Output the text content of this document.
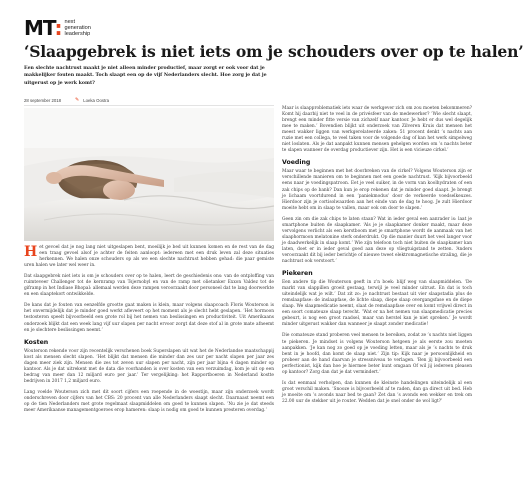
MT: next
generation
leadership
‘Slaapgebrek is niet iets om je schouders over op te halen’

Een slechte nachtrust maakt je niet alleen minder productief, maar zorgt er ook voor dat je makkelijker fouten maakt. Toch slaapt een op de vijf Nederlanders slecht. Hoe zorg je dat je uitgerust op je werk komt?

28 september 2018	✎ Loeka Oostra

Het gevoel dat je nog lang niet uitgeslapen bent, moeilijk je bed uit kunnen komen en de rest van de dag een traag gevoel alsof je achter de feiten aanloopt: iedereen met een druk leven zal deze situaties herkennen. We halen onze schouders op als we een slechte nachtrust hebben gehad: die paar gemiste uren halen we later wel weer in.

Dat slaapgebrek niet iets is om je schouders over op te halen, leert de geschiedenis ons: van de ontploffing van ruimteveer Challenger tot de kernramp van Tsjernobyl en van de ramp met olietanker Exxon Valdez tot de giframp in het Indiase Bhopal: allemaal werden deze rampen veroorzaakt door personeel dat te lang doorwerkte en een slaaptekort ontwikkelde.

De kans dat je fouten van eenzelfde grootte gaat maken is klein, maar volgens slaapcoach Floris Wouterson is het onvermijdelijk dat je minder goed werkt afleveert op het moment als je slecht hebt geslapen. ‘Het hormoon testosteron speelt bijvoorbeeld een grote rol bij het nemen van beslissingen en productiviteit. Uit Amerikaans onderzoek blijkt dat een week lang vijf uur slapen per nacht ervoor zorgt dat deze stof al in grote mate afneemt en je slechtere beslissingen neemt.’

Kosten

Wouterson rekende voor zijn recentelijk verschenen boek Superslapen uit wat het de Nederlandse maatschappij kost als mensen slecht slapen. ‘Het blijkt dat mensen die minder dan zes uur per nacht slapen per jaar zes dagen meer ziek zijn. Mensen die zes tot zeven uur slapen per nacht, zijn per jaar bijna 4 dagen minder op kantoor. Als je dat uitrekent met de data die voorhanden is over kosten van een verzuimdag, kom je uit op een bedrag van meer dan 12 miljard euro per jaar.’ Ter vergelijking: het Rapportboeren in Nederland kostte bedrijven in 2017 1,2 miljard euro.

Lang voelde Wouterson zich met dit soort cijfers een roepende in de woestijn, maar zijn onderzoek wordt onderschreven door cijfers van het CBS: 20 procent van alle Nederlanders slaapt slecht. Daarnaast neemt een op de tien Nederlanders met grote regelmaat slaapmiddelen om goed te kunnen slapen. ‘Nu zie je dat steeds meer Amerikaanse managementgoeroes erop hameren: slaap is nodig om goed te kunnen presteren overdag.’

Maar is slaapproblematiek iets waar de werkgever zich om zou moeten bekommeren? Komt hij daarbij niet te veel in de privésfeer van de medewerker? ‘Wie slecht slaapt, brengt een minder fitte versie van zichzelf naar kantoor. Je hebt er dus wel degelijk mee te maken.’ Bovendien blijkt uit onderzoek van Zilveren Kruis dat mensen het meest wakker liggen van werkgerelateerde zaken: 51 procent denkt ’s nachts aan ruzie met een collega, te veel taken voor de volgende dag of kan het werk simpelweg niet loslaten. Als je dat aanpakt kunnen mensen gehelgen worden om ’s nachts beter te slapen wanneer de overdag productiever zijn. Het is een vicieuze cirkel.’

Voeding

Maar waar te beginnen met het doorbreken van de cirkel? Volgens Wouterson zijn er verschillende manieren om te beginnen met een goede nachtrust. ‘Kijk bijvoorbeeld eens naar je voedingspatroon. Eet je veel suiker, in de vorm van koolhydraten of een zak chips op de bank? Dan kun je erop rekenen dat je minder goed slaapt. Je brengt je lichaam voortdurend in een ‘paniekmodus’ door de verkeerde voedselkeuzes. Hierdoor zijn je cortisolwaarden aan het einde van de dag te hoog. Je zult Hierdoor moeite hebt om in slaap te vallen, maar ook om door te slapen.’

Geen zin om die zak chips te laten staan? Wat in ieder geval een aanrader is: laat je smartphone buiten de slaapkamer. ‘Als je je slaapkamer donker maakt, maar deze vervolgens verlicht als een kerstboom met je smartphone wordt de aanmaak van het slaaphormoon melatonine sterk onderdrukt. Op die manier duurt het veel langer voor je daadwerkelijk in slaap komt.’ Wie zijn telefoon toch niet buiten de slaapkamer kan laten, doet er in ieder geval goed aan deze op vliegtuigstand te zetten. ‘Anders veroorzaakt dit bij ieder berichtje of nieuwe tweet elektromagnetische straling, die je nachtrust ook verstoort.’

Piekeren

Een andere tip die Wouterson geeft in z’n boek: blijf weg van slaapmiddelen. ‘De markt van slappillen groeit gestaag, terwijl je veel minder uitrust. En dat is toch uiteindelijk wat je wilt.’ Dat zit zo: je nachtrust bestaat uit vier slaapstadia plus de remslaapfase: de inslaapfase, de lichte slaap, diepe slaap overgangsfase en de diepe slaap. We slaapmedicatie neemt, slaat de remslaapfase over en komt vrijwel direct in een soort comateuze slaap terecht. ‘Wat er na het nemen van slaapmedicatie precies gebeurt, is nog een groot raadsel, maar van herstel kan je niet spreken.’ Je wordt minder uitgerust wakker dan wanneer je slaapt zonder medicatie!

Die comateuze stand proberen veel mensen te bereiken, zodat ze ’s nachts niet liggen te piekeren. Je mindset is volgens Wouterson hetgeen je als eerste zou moeten aanpakken. ‘Je kan nog zo goed op je voeding letten, maar als je ’s nachts te druk bent in je hoofd, dan komt de slaap niet.’ Zijn tip: Kijk naar je persoonlijkheid en probeer aan de hand daarvan je stressniveau te verlagen. ‘Ben jij bijvoorbeeld een perfectionist, kijk dan hoe je hiermee beter kunt omgaan Of wil jij iedereen pleasen op kantoor? Zorg dan dat je dat vermindert.’

Is dat eenmaal verholpen, dan kunnen de kleinste handelingen uiteindelijk al een groot verschil maken. ‘Snooze is bijvoorbeeld af te raden, dan ga direct uit bed. Heb je moeite om ’s avonds naar bed te gaan? Zet dan ’s avonds een wekker en trek om 22.00 uur de stekker uit je router. Wedden dat je snel onder de wol ligt?’
